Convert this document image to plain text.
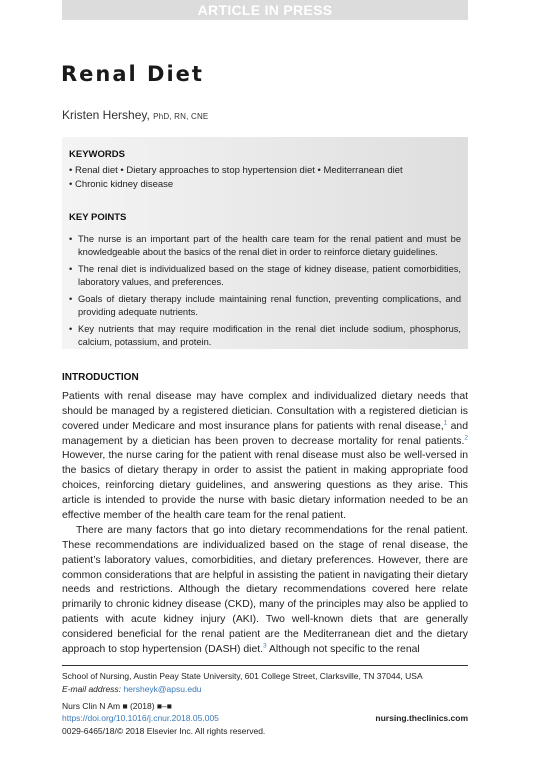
ARTICLE IN PRESS
Renal Diet
Kristen Hershey, PhD, RN, CNE
KEYWORDS
• Renal diet • Dietary approaches to stop hypertension diet • Mediterranean diet
• Chronic kidney disease
KEY POINTS
• The nurse is an important part of the health care team for the renal patient and must be knowledgeable about the basics of the renal diet in order to reinforce dietary guidelines.
• The renal diet is individualized based on the stage of kidney disease, patient comorbidities, laboratory values, and preferences.
• Goals of dietary therapy include maintaining renal function, preventing complications, and providing adequate nutrients.
• Key nutrients that may require modification in the renal diet include sodium, phosphorus, calcium, potassium, and protein.
INTRODUCTION

Patients with renal disease may have complex and individualized dietary needs that should be managed by a registered dietician. Consultation with a registered dietician is covered under Medicare and most insurance plans for patients with renal disease,$^1$ and management by a dietician has been proven to decrease mortality for renal patients.$^2$ However, the nurse caring for the patient with renal disease must also be well-versed in the basics of dietary therapy in order to assist the patient in making appropriate food choices, reinforcing dietary guidelines, and answering questions as they arise. This article is intended to provide the nurse with basic dietary information needed to be an effective member of the health care team for the renal patient.

There are many factors that go into dietary recommendations for the renal patient. These recommendations are individualized based on the stage of renal disease, the patient’s laboratory values, comorbidities, and dietary preferences. However, there are common considerations that are helpful in assisting the patient in navigating their dietary needs and restrictions. Although the dietary recommendations covered here relate primarily to chronic kidney disease (CKD), many of the principles may also be applied to patients with acute kidney injury (AKI). Two well-known diets that are generally considered beneficial for the renal patient are the Mediterranean diet and the dietary approach to stop hypertension (DASH) diet.$^3$ Although not specific to the renal

School of Nursing, Austin Peay State University, 601 College Street, Clarksville, TN 37044, USA
E-mail address: hersheyk@apsu.edu
Nurs Clin N Am ■ (2018) ■–■
https://doi.org/10.1016/j.cnur.2018.05.005	nursing.theclinics.com
0029-6465/18/© 2018 Elsevier Inc. All rights reserved.
